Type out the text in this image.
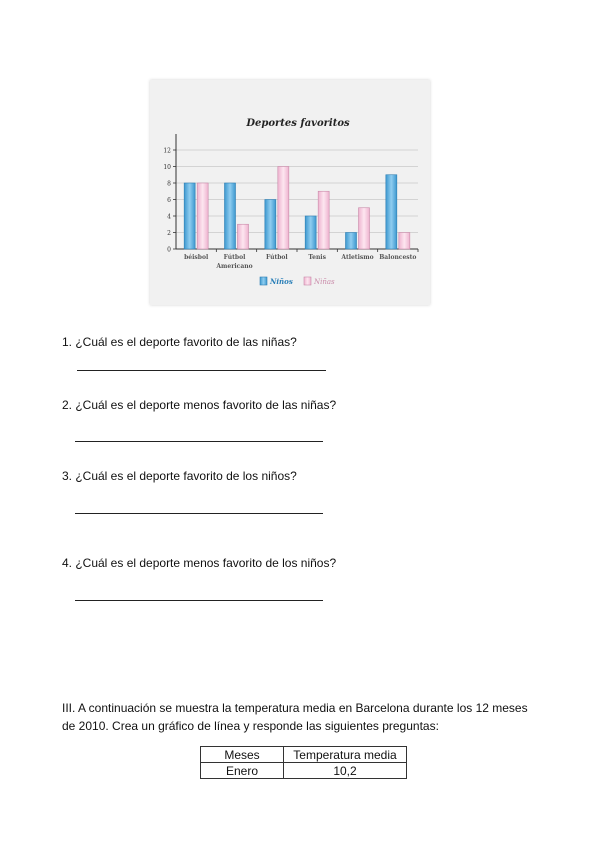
Deportes favoritos
0
2
4
6
8
10
12
béisbol	Fútbol
Americano
Fútbol	Tenis	Atletismo Baloncesto
Niños	Niñas
1. ¿Cuál es el deporte favorito de las niñas?
2. ¿Cuál es el deporte menos favorito de las niñas?
3. ¿Cuál es el deporte favorito de los niños?
4. ¿Cuál es el deporte menos favorito de los niños?
III. A continuación se muestra la temperatura media en Barcelona durante los 12 meses de 2010. Crea un gráfico de línea y responde las siguientes preguntas:
Meses	Temperatura media
Enero	10,2
